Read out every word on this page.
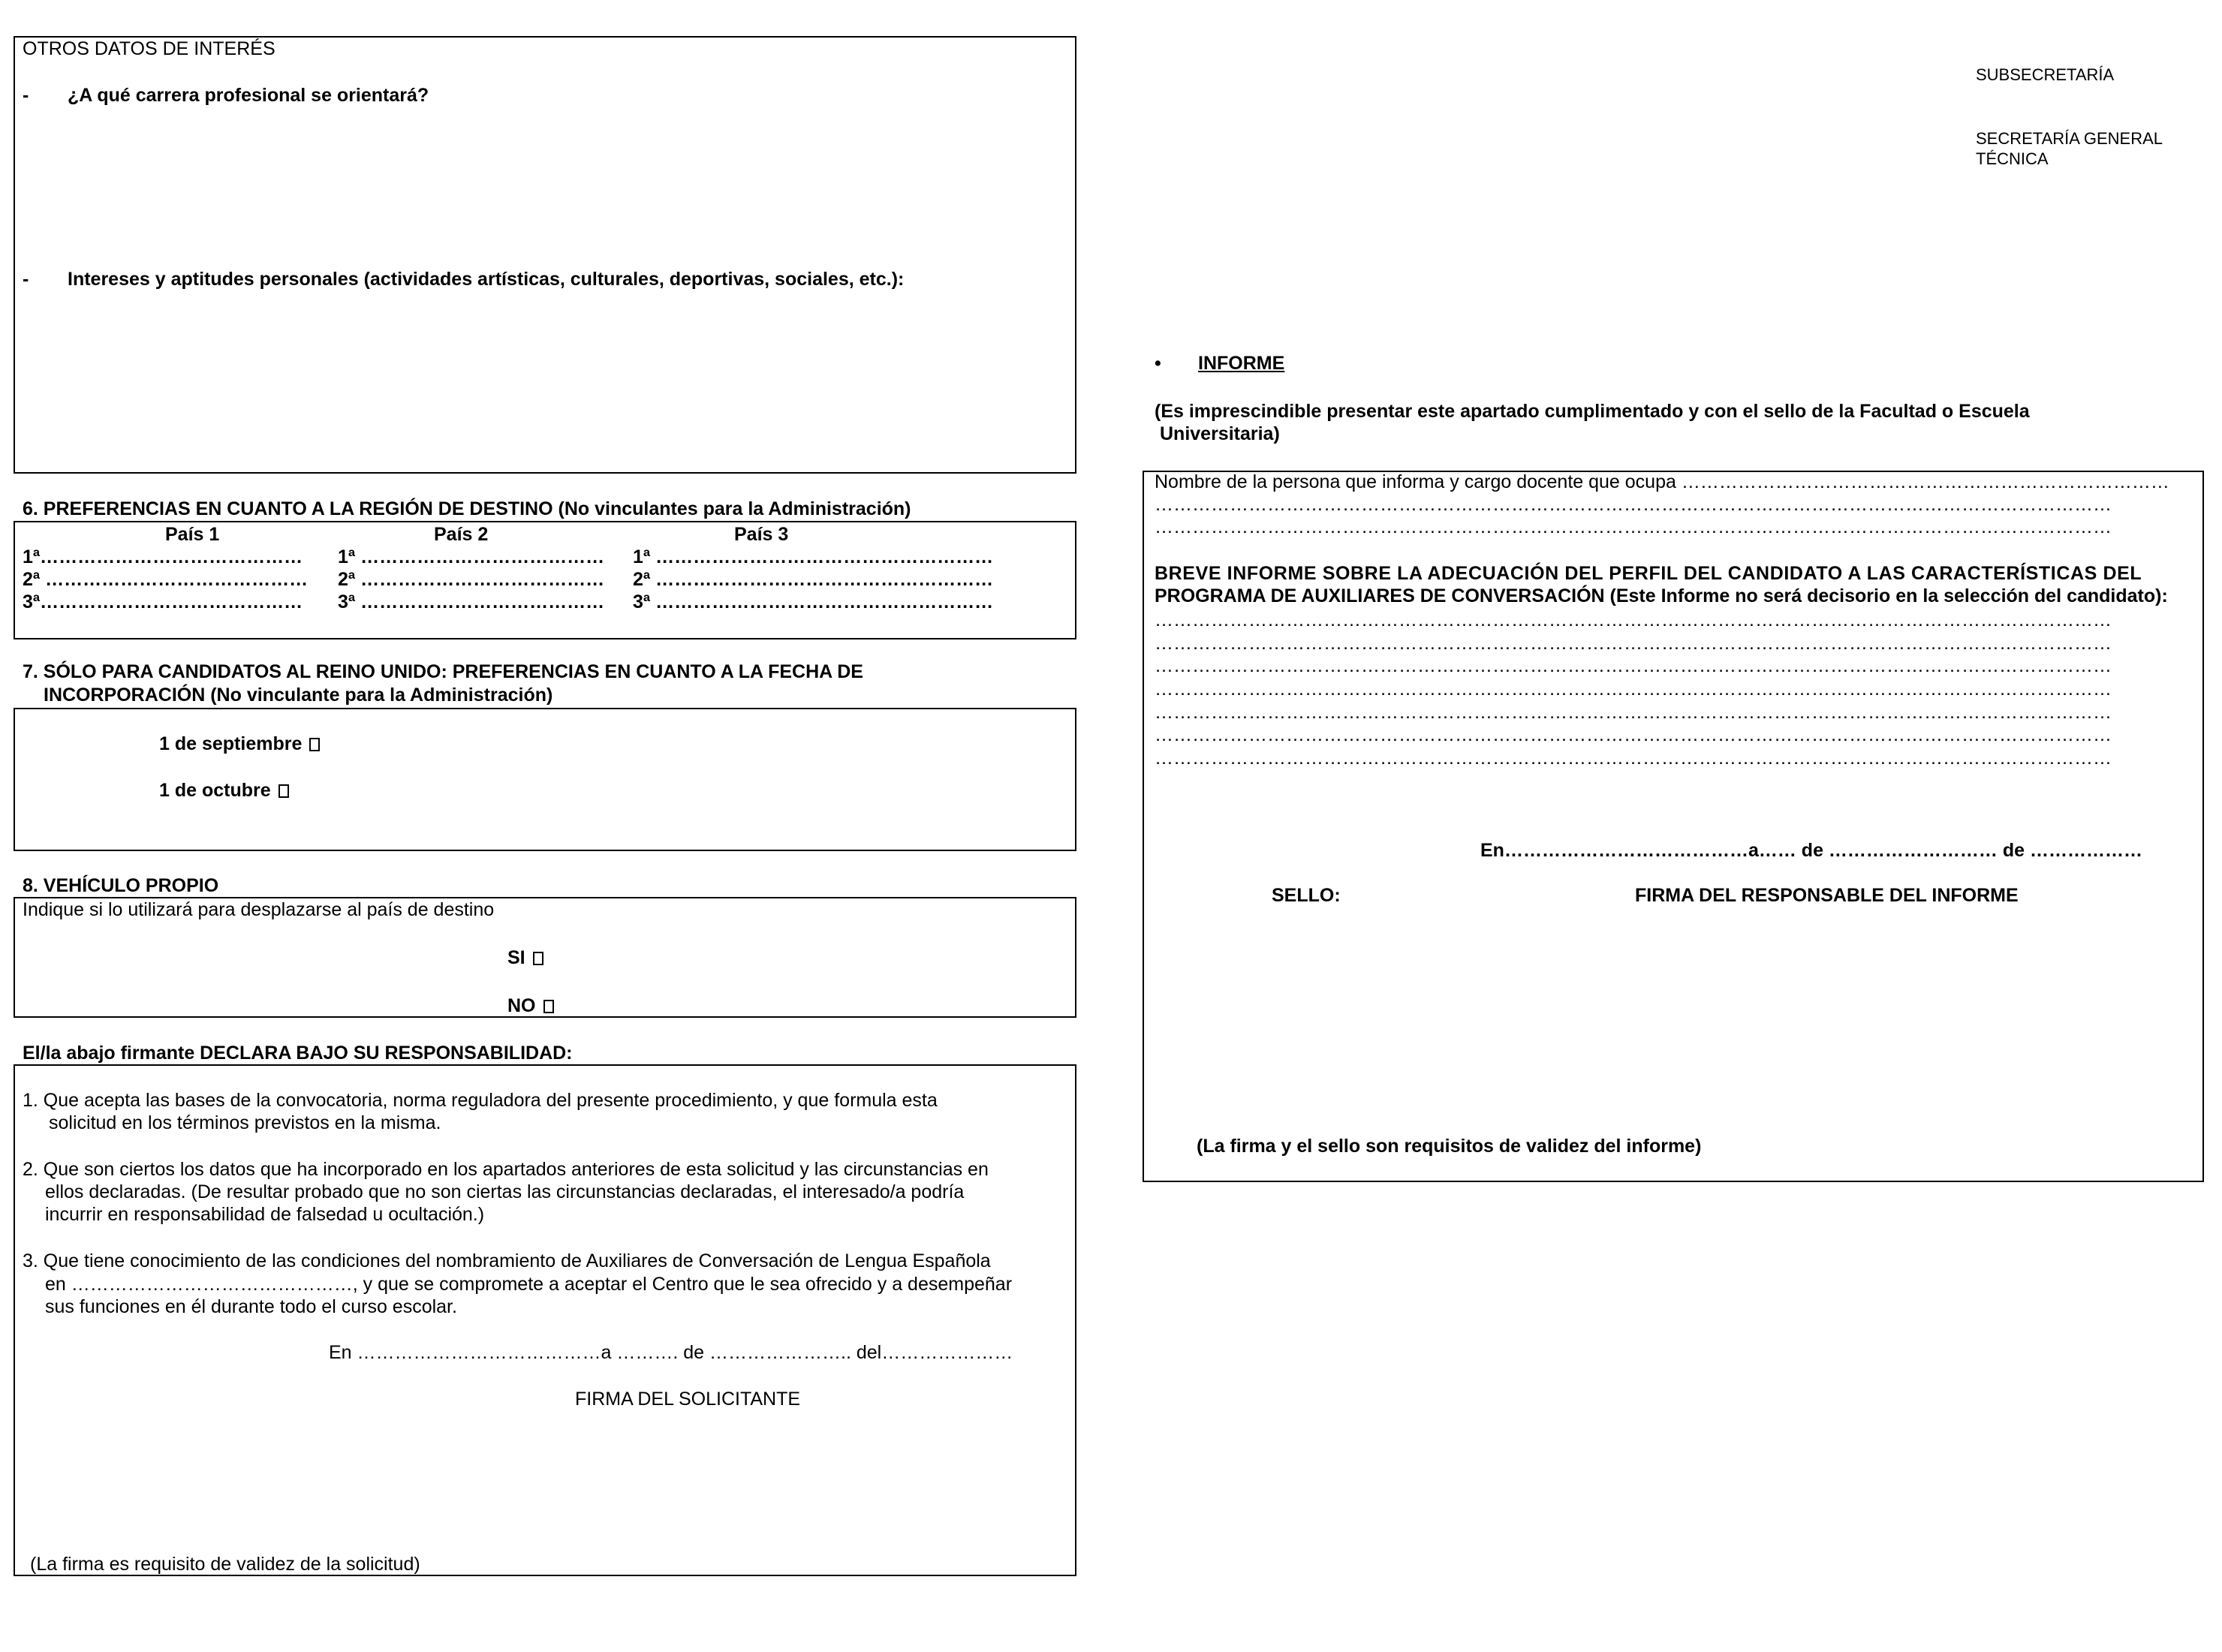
SUBSECRETARÍA
SECRETARÍA GENERAL
TÉCNICA
OTROS DATOS DE INTERÉS
- ¿A qué carrera profesional se orientará?
- Intereses y aptitudes personales (actividades artísticas, culturales, deportivas, sociales, etc.):
6. PREFERENCIAS EN CUANTO A LA REGIÓN DE DESTINO (No vinculantes para la Administración)
País 1	País 2	País 3
1ª…………………………………… 1ª ………………………………… 1ª ………………………………………………
2ª …………………………………… 2ª ………………………………… 2ª ………………………………………………
3ª…………………………………… 3ª ………………………………… 3ª ………………………………………………
7. SÓLO PARA CANDIDATOS AL REINO UNIDO: PREFERENCIAS EN CUANTO A LA FECHA DE
INCORPORACIÓN (No vinculante para la Administración)
1 de septiembre
1 de octubre
8. VEHÍCULO PROPIO
Indique si lo utilizará para desplazarse al país de destino
SI
NO
El/la abajo firmante DECLARA BAJO SU RESPONSABILIDAD:
1. Que acepta las bases de la convocatoria, norma reguladora del presente procedimiento, y que formula esta
solicitud en los términos previstos en la misma.
2. Que son ciertos los datos que ha incorporado en los apartados anteriores de esta solicitud y las circunstancias en
ellos declaradas. (De resultar probado que no son ciertas las circunstancias declaradas, el interesado/a podría
incurrir en responsabilidad de falsedad u ocultación.)
3. Que tiene conocimiento de las condiciones del nombramiento de Auxiliares de Conversación de Lengua Española
en ………………………………………, y que se compromete a aceptar el Centro que le sea ofrecido y a desempeñar
sus funciones en él durante todo el curso escolar.
En …………………………………a ………. de ………………….. del…………………
FIRMA DEL SOLICITANTE
(La firma es requisito de validez de la solicitud)
• INFORME
(Es imprescindible presentar este apartado cumplimentado y con el sello de la Facultad o Escuela
Universitaria)
Nombre de la persona que informa y cargo docente que ocupa ……………………………………………………………………
………………………………………………………………………………………………………………………………………
………………………………………………………………………………………………………………………………………
BREVE INFORME SOBRE LA ADECUACIÓN DEL PERFIL DEL CANDIDATO A LAS CARACTERÍSTICAS DEL
PROGRAMA DE AUXILIARES DE CONVERSACIÓN (Este Informe no será decisorio en la selección del candidato):
………………………………………………………………………………………………………………………………………
………………………………………………………………………………………………………………………………………
………………………………………………………………………………………………………………………………………
………………………………………………………………………………………………………………………………………
………………………………………………………………………………………………………………………………………
………………………………………………………………………………………………………………………………………
………………………………………………………………………………………………………………………………………
En…………………………………a…… de ……………………… de ………………
SELLO:	FIRMA DEL RESPONSABLE DEL INFORME
(La firma y el sello son requisitos de validez del informe)
